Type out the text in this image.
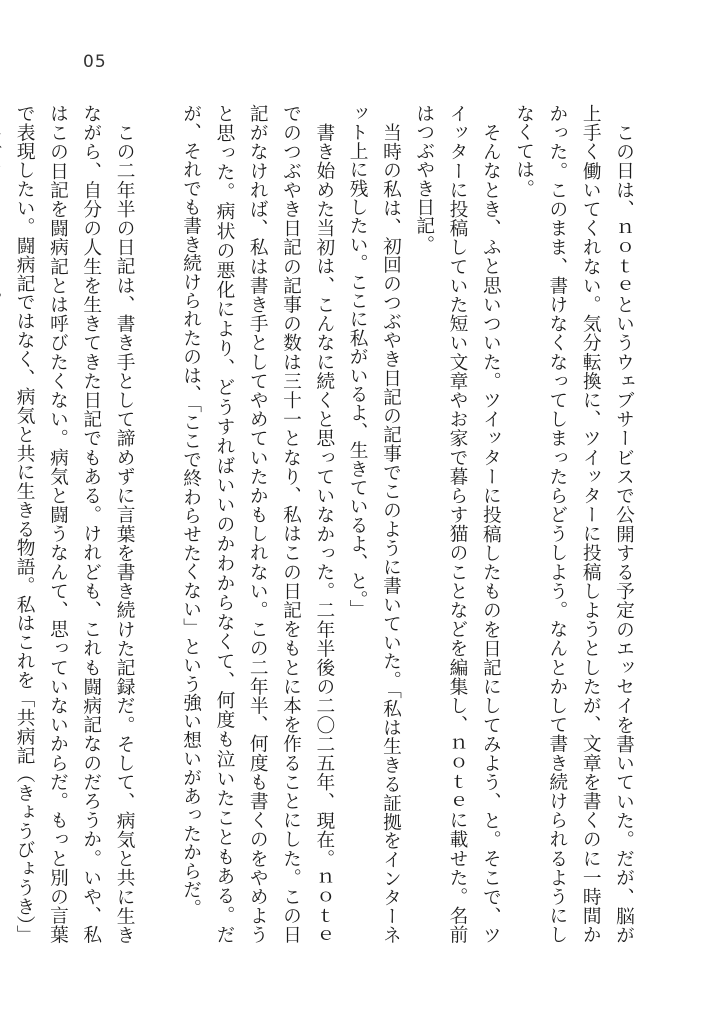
05

この日は、ｎｏｔｅというウェブサービスで公開する予定のエッセイを書いていた。だが、脳が上手く働いてくれない。気分転換に、ツイッターに投稿しようとしたが、文章を書くのに一時間かかった。このまま、書けなくなってしまったらどうしよう。なんとかして書き続けられるようにしなくては。

そんなとき、ふと思いついた。ツイッターに投稿したものを日記にしてみよう、と。そこで、ツイッターに投稿していた短い文章やお家で暮らす猫のことなどを編集し、ｎｏｔｅに載せた。名前はつぶやき日記。

当時の私は、初回のつぶやき日記の記事でこのように書いていた。「私は生きる証拠をインターネット上に残したい。ここに私がいるよ、生きているよ、と。」

書き始めた当初は、こんなに続くと思っていなかった。二年半後の二〇二五年、現在。ｎｏｔｅでのつぶやき日記の記事の数は三十一となり、私はこの日記をもとに本を作ることにした。この日記がなければ、私は書き手としてやめていたかもしれない。この二年半、何度も書くのをやめようと思った。病状の悪化により、どうすればいいのかわからなくて、何度も泣いたこともある。だが、それでも書き続けられたのは、「ここで終わらせたくない」という強い想いがあったからだ。

この二年半の日記は、書き手として諦めずに言葉を書き続けた記録だ。そして、病気と共に生きながら、自分の人生を生きてきた日記でもある。けれども、これも闘病記なのだろうか。いや、私はこの日記を闘病記とは呼びたくない。病気と闘うなんて、思っていないからだ。もっと別の言葉で表現したい。闘病記ではなく、病気と共に生きる物語。私はこれを「共病記（きょうびょうき）」
